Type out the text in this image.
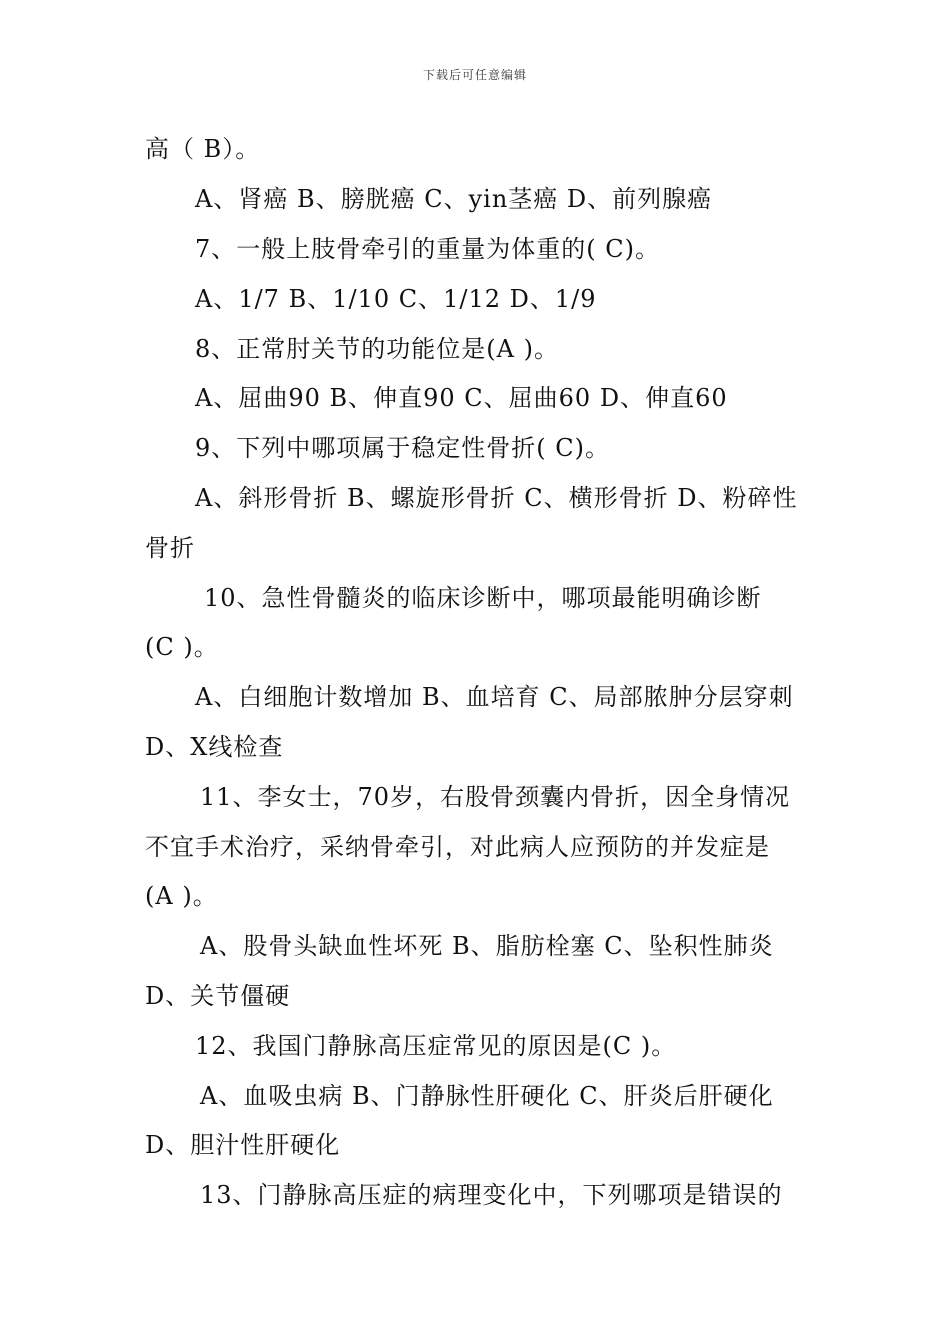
下载后可任意编辑
高（ B）。
A、肾癌 B、膀胱癌 C、yin茎癌 D、前列腺癌
7、一般上肢骨牵引的重量为体重的( C)。
A、1/7 B、1/10 C、1/12 D、1/9
8、正常肘关节的功能位是(A )。
A、屈曲90 B、伸直90 C、屈曲60 D、伸直60
9、下列中哪项属于稳定性骨折( C)。
A、斜形骨折 B、螺旋形骨折 C、横形骨折 D、粉碎性
骨折
10、急性骨髓炎的临床诊断中，哪项最能明确诊断
(C )。
A、白细胞计数增加 B、血培育 C、局部脓肿分层穿刺
D、X线检查
11、李女士，70岁，右股骨颈囊内骨折，因全身情况
不宜手术治疗，采纳骨牵引，对此病人应预防的并发症是
(A )。
A、股骨头缺血性坏死 B、脂肪栓塞 C、坠积性肺炎
D、关节僵硬
12、我国门静脉高压症常见的原因是(C )。
A、血吸虫病 B、门静脉性肝硬化 C、肝炎后肝硬化
D、胆汁性肝硬化
13、门静脉高压症的病理变化中，下列哪项是错误的
